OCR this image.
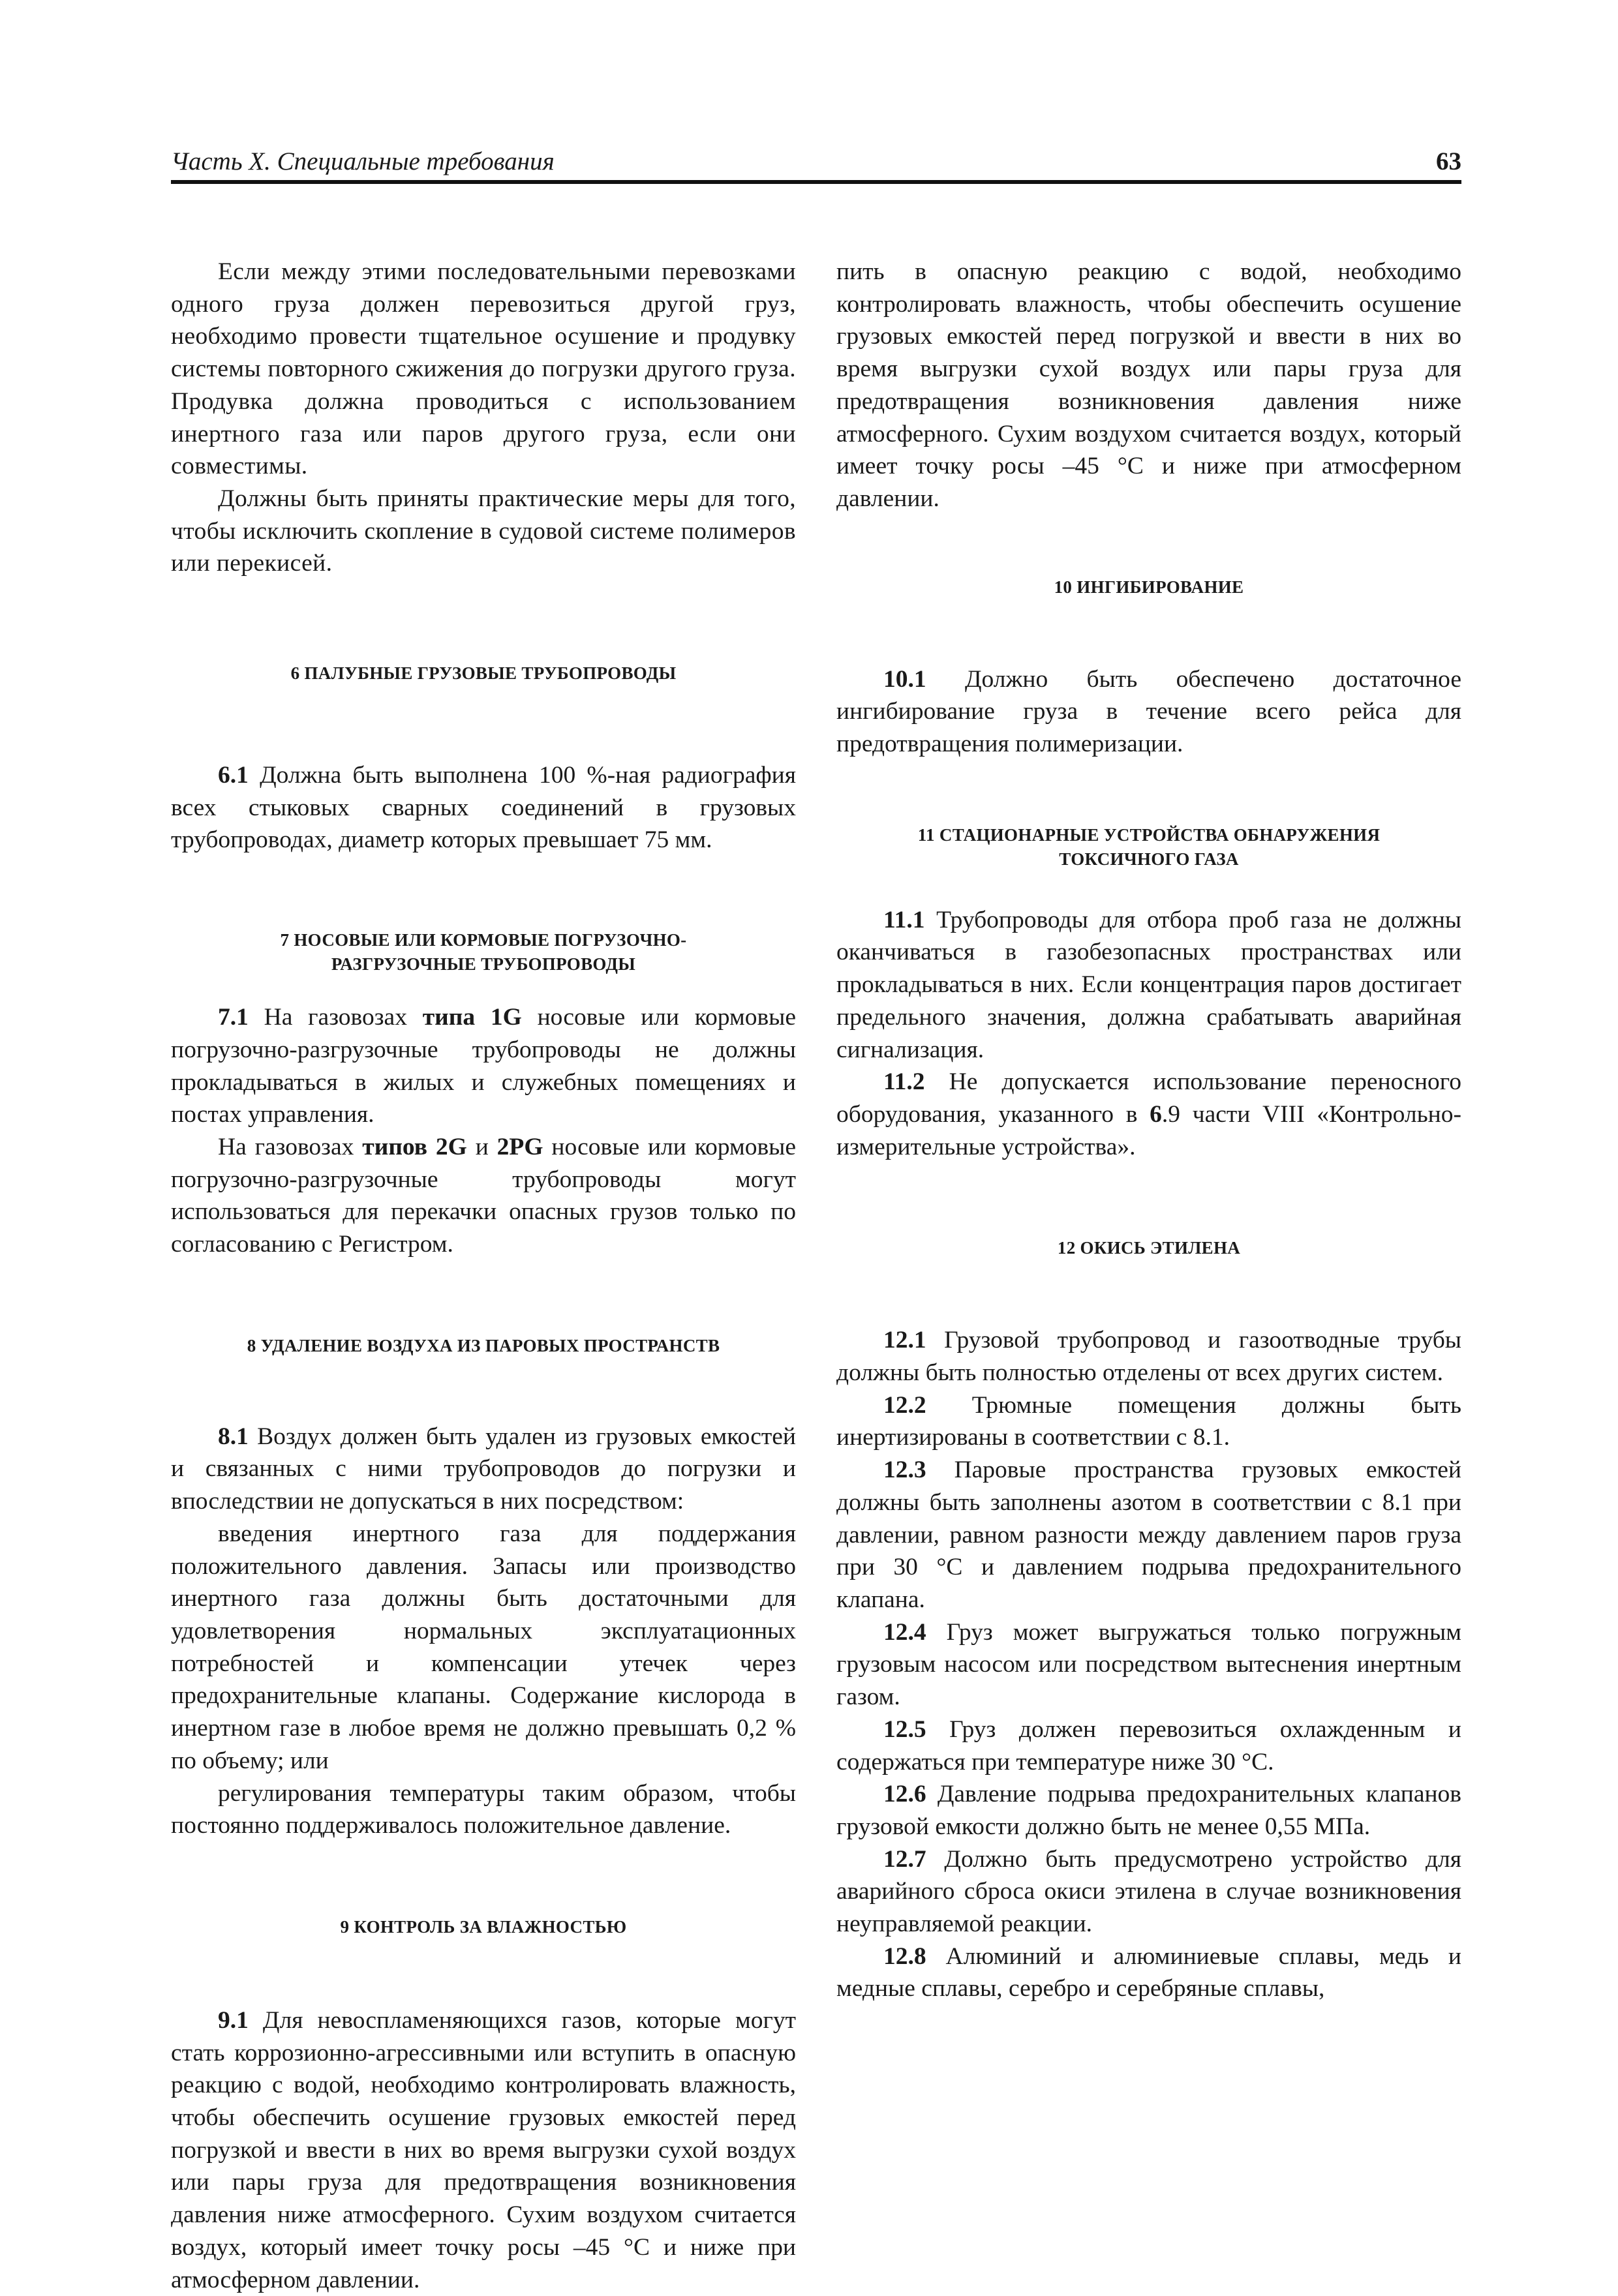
Часть X. Специальные требования	63

Если между этими последовательными перевозками одного груза должен перевозиться другой груз, необходимо провести тщательное осушение и продувку системы повторного сжижения до погрузки другого груза. Продувка должна проводиться с использованием инертного газа или паров другого груза, если они совместимы.

Должны быть приняты практические меры для того, чтобы исключить скопление в судовой системе полимеров или перекисей.

6 ПАЛУБНЫЕ ГРУЗОВЫЕ ТРУБОПРОВОДЫ

6.1 Должна быть выполнена 100 %-ная радиография всех стыковых сварных соединений в грузовых трубопроводах, диаметр которых превышает 75 мм.

7 НОСОВЫЕ ИЛИ КОРМОВЫЕ ПОГРУЗОЧНО-
РАЗГРУЗОЧНЫЕ ТРУБОПРОВОДЫ

7.1 На газовозах типа 1G носовые или кормовые погрузочно-разгрузочные трубопроводы не должны прокладываться в жилых и служебных помещениях и постах управления.

На газовозах типов 2G и 2PG носовые или кормовые погрузочно-разгрузочные трубопроводы могут использоваться для перекачки опасных грузов только по согласованию с Регистром.

8 УДАЛЕНИЕ ВОЗДУХА ИЗ ПАРОВЫХ ПРОСТРАНСТВ

8.1 Воздух должен быть удален из грузовых емкостей и связанных с ними трубопроводов до погрузки и впоследствии не допускаться в них посредством:

введения инертного газа для поддержания положительного давления. Запасы или производство инертного газа должны быть достаточными для удовлетворения нормальных эксплуатационных потребностей и компенсации утечек через предохранительные клапаны. Содержание кислорода в инертном газе в любое время не должно превышать 0,2 % по объему; или

регулирования температуры таким образом, чтобы постоянно поддерживалось положительное давление.

9 КОНТРОЛЬ ЗА ВЛАЖНОСТЬЮ

9.1 Для невоспламеняющихся газов, которые могут стать коррозионно-агрессивными или вступить в опасную реакцию с водой, необходимо контролировать влажность, чтобы обеспечить осушение грузовых емкостей перед погрузкой и ввести в них во время выгрузки сухой воздух или пары груза для предотвращения возникновения давления ниже атмосферного. Сухим воздухом считается воздух, который имеет точку росы –45 °С и ниже при атмосферном давлении.

пить в опасную реакцию с водой, необходимо контролировать влажность, чтобы обеспечить осушение грузовых емкостей перед погрузкой и ввести в них во время выгрузки сухой воздух или пары груза для предотвращения возникновения давления ниже атмосферного. Сухим воздухом считается воздух, который имеет точку росы –45 °С и ниже при атмосферном давлении.

10 ИНГИБИРОВАНИЕ

10.1 Должно быть обеспечено достаточное ингибирование груза в течение всего рейса для предотвращения полимеризации.

11 СТАЦИОНАРНЫЕ УСТРОЙСТВА ОБНАРУЖЕНИЯ
ТОКСИЧНОГО ГАЗА

11.1 Трубопроводы для отбора проб газа не должны оканчиваться в газобезопасных пространствах или прокладываться в них. Если концентрация паров достигает предельного значения, должна срабатывать аварийная сигнализация.

11.2 Не допускается использование переносного оборудования, указанного в 6.9 части VIII «Контрольно-измерительные устройства».

12 ОКИСЬ ЭТИЛЕНА

12.1 Грузовой трубопровод и газоотводные трубы должны быть полностью отделены от всех других систем.

12.2 Трюмные помещения должны быть инертизированы в соответствии с 8.1.

12.3 Паровые пространства грузовых емкостей должны быть заполнены азотом в соответствии с 8.1 при давлении, равном разности между давлением паров груза при 30 °С и давлением подрыва предохранительного клапана.

12.4 Груз может выгружаться только погружным грузовым насосом или посредством вытеснения инертным газом.

12.5 Груз должен перевозиться охлажденным и содержаться при температуре ниже 30 °С.

12.6 Давление подрыва предохранительных клапанов грузовой емкости должно быть не менее 0,55 МПа.

12.7 Должно быть предусмотрено устройство для аварийного сброса окиси этилена в случае возникновения неуправляемой реакции.

12.8 Алюминий и алюминиевые сплавы, медь и медные сплавы, серебро и серебряные сплавы,
